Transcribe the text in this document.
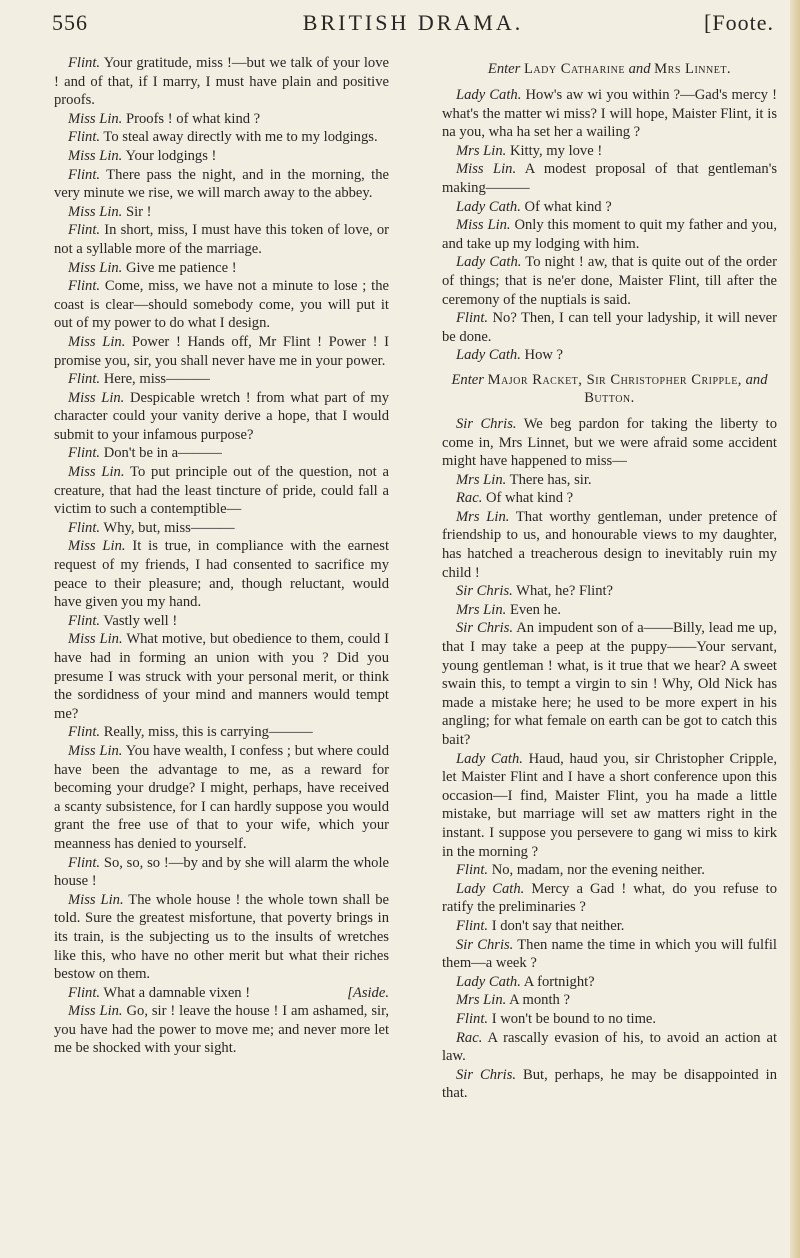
556	BRITISH DRAMA.	[Foote.

Flint. Your gratitude, miss !—but we talk of your love ! and of that, if I marry, I must have plain and positive proofs.

Miss Lin. Proofs ! of what kind ?

Flint. To steal away directly with me to my lodgings.

Miss Lin. Your lodgings !

Flint. There pass the night, and in the morning, the very minute we rise, we will march away to the abbey.

Miss Lin. Sir !

Flint. In short, miss, I must have this token of love, or not a syllable more of the marriage.

Miss Lin. Give me patience !

Flint. Come, miss, we have not a minute to lose ; the coast is clear—should somebody come, you will put it out of my power to do what I design.

Miss Lin. Power ! Hands off, Mr Flint ! Power ! I promise you, sir, you shall never have me in your power.

Flint. Here, miss———

Miss Lin. Despicable wretch ! from what part of my character could your vanity derive a hope, that I would submit to your infamous purpose?

Flint. Don't be in a———

Miss Lin. To put principle out of the question, not a creature, that had the least tincture of pride, could fall a victim to such a contemptible—

Flint. Why, but, miss———

Miss Lin. It is true, in compliance with the earnest request of my friends, I had consented to sacrifice my peace to their pleasure; and, though reluctant, would have given you my hand.

Flint. Vastly well !

Miss Lin. What motive, but obedience to them, could I have had in forming an union with you ? Did you presume I was struck with your personal merit, or think the sordidness of your mind and manners would tempt me?

Flint. Really, miss, this is carrying———

Miss Lin. You have wealth, I confess ; but where could have been the advantage to me, as a reward for becoming your drudge? I might, perhaps, have received a scanty subsistence, for I can hardly suppose you would grant the free use of that to your wife, which your meanness has denied to yourself.

Flint. So, so, so !—by and by she will alarm the whole house !

Miss Lin. The whole house ! the whole town shall be told. Sure the greatest misfortune, that poverty brings in its train, is the subjecting us to the insults of wretches like this, who have no other merit but what their riches bestow on them.

Flint. What a damnable vixen !	[Aside.

Miss Lin. Go, sir ! leave the house ! I am ashamed, sir, you have had the power to move me; and never more let me be shocked with your sight.

Enter Lady Catharine and Mrs Linnet.

Lady Cath. How's aw wi you within ?—Gad's mercy ! what's the matter wi miss? I will hope, Maister Flint, it is na you, wha ha set her a wailing ?

Mrs Lin. Kitty, my love !

Miss Lin. A modest proposal of that gentleman's making———

Lady Cath. Of what kind ?

Miss Lin. Only this moment to quit my father and you, and take up my lodging with him.

Lady Cath. To night ! aw, that is quite out of the order of things; that is ne'er done, Maister Flint, till after the ceremony of the nuptials is said.

Flint. No? Then, I can tell your ladyship, it will never be done.

Lady Cath. How ?

Enter Major Racket, Sir Christopher Cripple, and Button.

Sir Chris. We beg pardon for taking the liberty to come in, Mrs Linnet, but we were afraid some accident might have happened to miss—

Mrs Lin. There has, sir.

Rac. Of what kind ?

Mrs Lin. That worthy gentleman, under pretence of friendship to us, and honourable views to my daughter, has hatched a treacherous design to inevitably ruin my child !

Sir Chris. What, he? Flint?

Mrs Lin. Even he.

Sir Chris. An impudent son of a——Billy, lead me up, that I may take a peep at the puppy——Your servant, young gentleman ! what, is it true that we hear? A sweet swain this, to tempt a virgin to sin ! Why, Old Nick has made a mistake here; he used to be more expert in his angling; for what female on earth can be got to catch this bait?

Lady Cath. Haud, haud you, sir Christopher Cripple, let Maister Flint and I have a short conference upon this occasion—I find, Maister Flint, you ha made a little mistake, but marriage will set aw matters right in the instant. I suppose you persevere to gang wi miss to kirk in the morning ?

Flint. No, madam, nor the evening neither.

Lady Cath. Mercy a Gad ! what, do you refuse to ratify the preliminaries ?

Flint. I don't say that neither.

Sir Chris. Then name the time in which you will fulfil them—a week ?

Lady Cath. A fortnight?

Mrs Lin. A month ?

Flint. I won't be bound to no time.

Rac. A rascally evasion of his, to avoid an action at law.

Sir Chris. But, perhaps, he may be disappointed in that.
